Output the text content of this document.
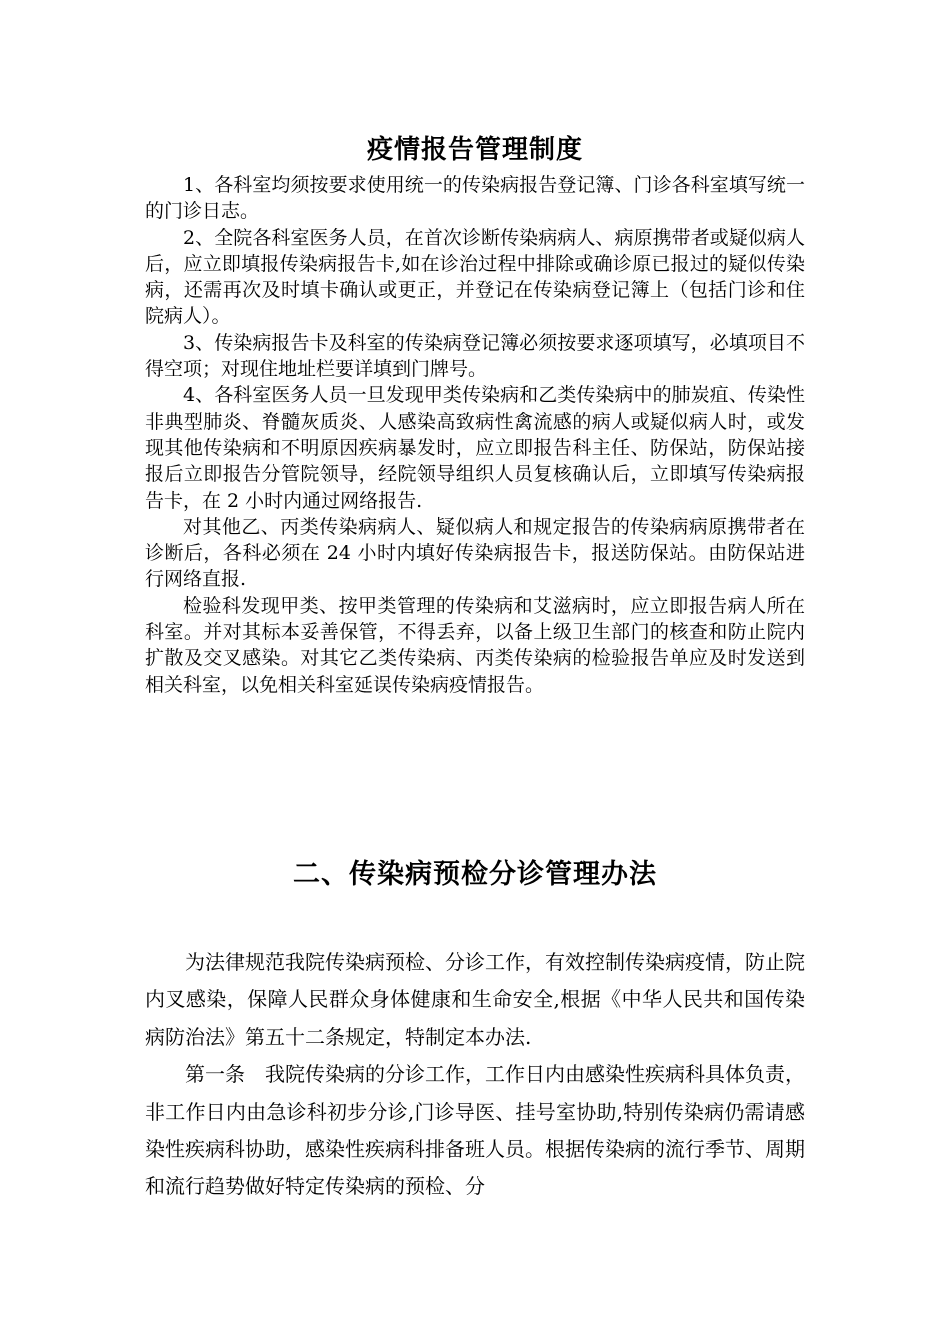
疫情报告管理制度

1、各科室均须按要求使用统一的传染病报告登记簿、门诊各科室填写统一的门诊日志。

2、全院各科室医务人员，在首次诊断传染病病人、病原携带者或疑似病人后，应立即填报传染病报告卡,如在诊治过程中排除或确诊原已报过的疑似传染病，还需再次及时填卡确认或更正，并登记在传染病登记簿上（包括门诊和住院病人）。

3、传染病报告卡及科室的传染病登记簿必须按要求逐项填写，必填项目不得空项；对现住地址栏要详填到门牌号。

4、各科室医务人员一旦发现甲类传染病和乙类传染病中的肺炭疽、传染性非典型肺炎、脊髓灰质炎、人感染高致病性禽流感的病人或疑似病人时，或发现其他传染病和不明原因疾病暴发时，应立即报告科主任、防保站，防保站接报后立即报告分管院领导，经院领导组织人员复核确认后，立即填写传染病报告卡，在 2 小时内通过网络报告.

对其他乙、丙类传染病病人、疑似病人和规定报告的传染病病原携带者在诊断后，各科必须在 24 小时内填好传染病报告卡，报送防保站。由防保站进行网络直报.

检验科发现甲类、按甲类管理的传染病和艾滋病时，应立即报告病人所在科室。并对其标本妥善保管，不得丢弃，以备上级卫生部门的核查和防止院内扩散及交叉感染。对其它乙类传染病、丙类传染病的检验报告单应及时发送到相关科室，以免相关科室延误传染病疫情报告。

二、传染病预检分诊管理办法

为法律规范我院传染病预检、分诊工作，有效控制传染病疫情，防止院内叉感染，保障人民群众身体健康和生命安全,根据《中华人民共和国传染病防治法》第五十二条规定，特制定本办法.

第一条　我院传染病的分诊工作，工作日内由感染性疾病科具体负责，非工作日内由急诊科初步分诊,门诊导医、挂号室协助,特别传染病仍需请感染性疾病科协助，感染性疾病科排备班人员。根据传染病的流行季节、周期和流行趋势做好特定传染病的预检、分
